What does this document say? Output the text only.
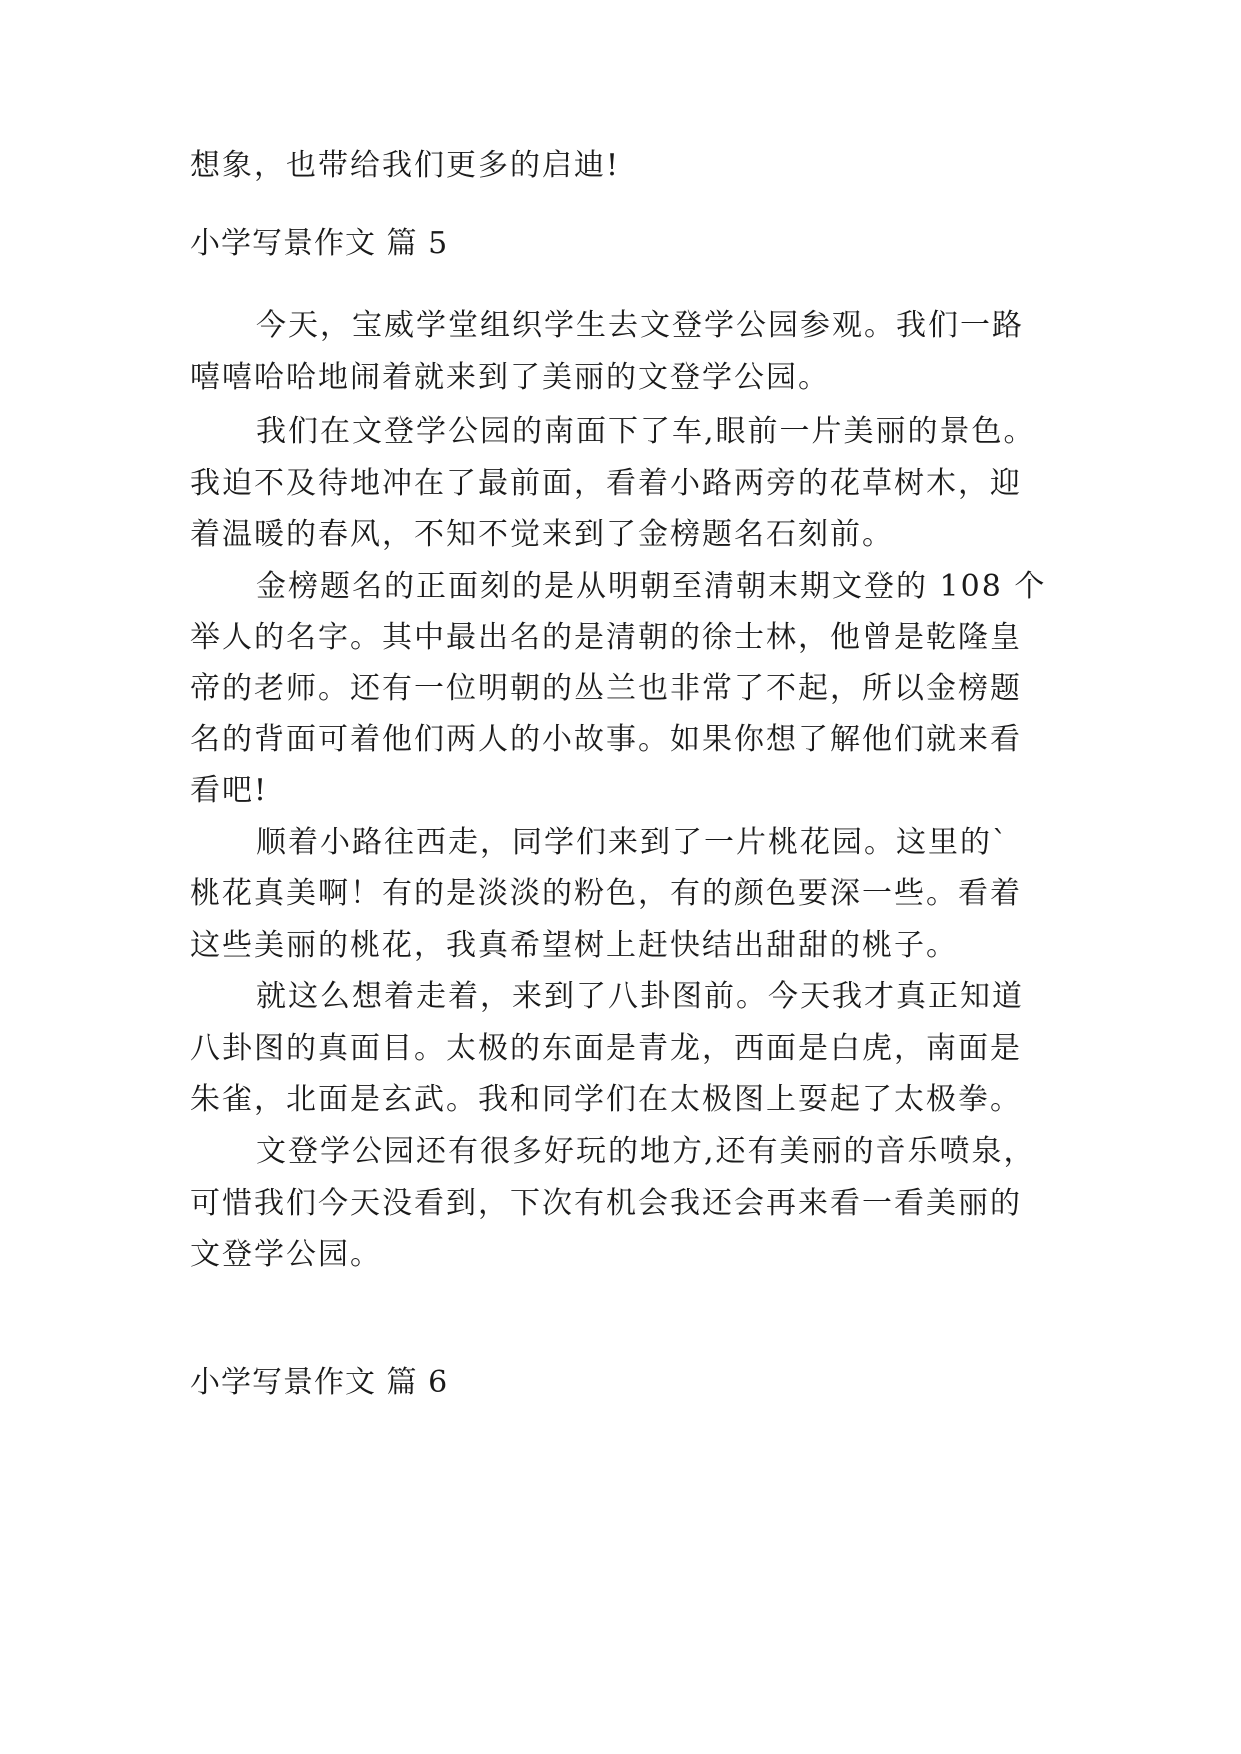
想象，也带给我们更多的启迪!
小学写景作文 篇 5
今天，宝威学堂组织学生去文登学公园参观。我们一路
嘻嘻哈哈地闹着就来到了美丽的文登学公园。
我们在文登学公园的南面下了车,眼前一片美丽的景色。
我迫不及待地冲在了最前面，看着小路两旁的花草树木，迎
着温暖的春风，不知不觉来到了金榜题名石刻前。
金榜题名的正面刻的是从明朝至清朝末期文登的 108 个
举人的名字。其中最出名的是清朝的徐士林，他曾是乾隆皇
帝的老师。还有一位明朝的丛兰也非常了不起，所以金榜题
名的背面可着他们两人的小故事。如果你想了解他们就来看
看吧!
顺着小路往西走，同学们来到了一片桃花园。这里的`
桃花真美啊！有的是淡淡的粉色，有的颜色要深一些。看着
这些美丽的桃花，我真希望树上赶快结出甜甜的桃子。
就这么想着走着，来到了八卦图前。今天我才真正知道
八卦图的真面目。太极的东面是青龙，西面是白虎，南面是
朱雀，北面是玄武。我和同学们在太极图上耍起了太极拳。
文登学公园还有很多好玩的地方,还有美丽的音乐喷泉，
可惜我们今天没看到，下次有机会我还会再来看一看美丽的
文登学公园。
小学写景作文 篇 6
